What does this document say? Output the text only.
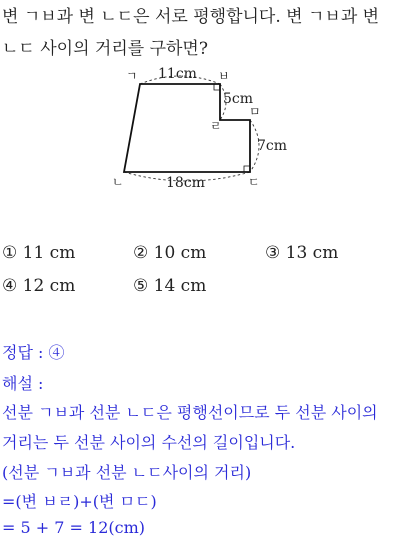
변 ㄱㅂ과 변 ㄴㄷ은 서로 평행합니다. 변 ㄱㅂ과 변
ㄴㄷ 사이의 거리를 구하면?
ㄱ	ㅂ
ㅁ
ㄹ
ㄴ	ㄷ
11cm
5cm
7cm
18cm
① 11 cm	② 10 cm	③ 13 cm
④ 12 cm	⑤ 14 cm
정답 : ④
해설 :
선분 ㄱㅂ과 선분 ㄴㄷ은 평행선이므로 두 선분 사이의
거리는 두 선분 사이의 수선의 길이입니다.
(선분 ㄱㅂ과 선분 ㄴㄷ사이의 거리)
=(변 ㅂㄹ)+(변 ㅁㄷ)
= 5 + 7 = 12(cm)
